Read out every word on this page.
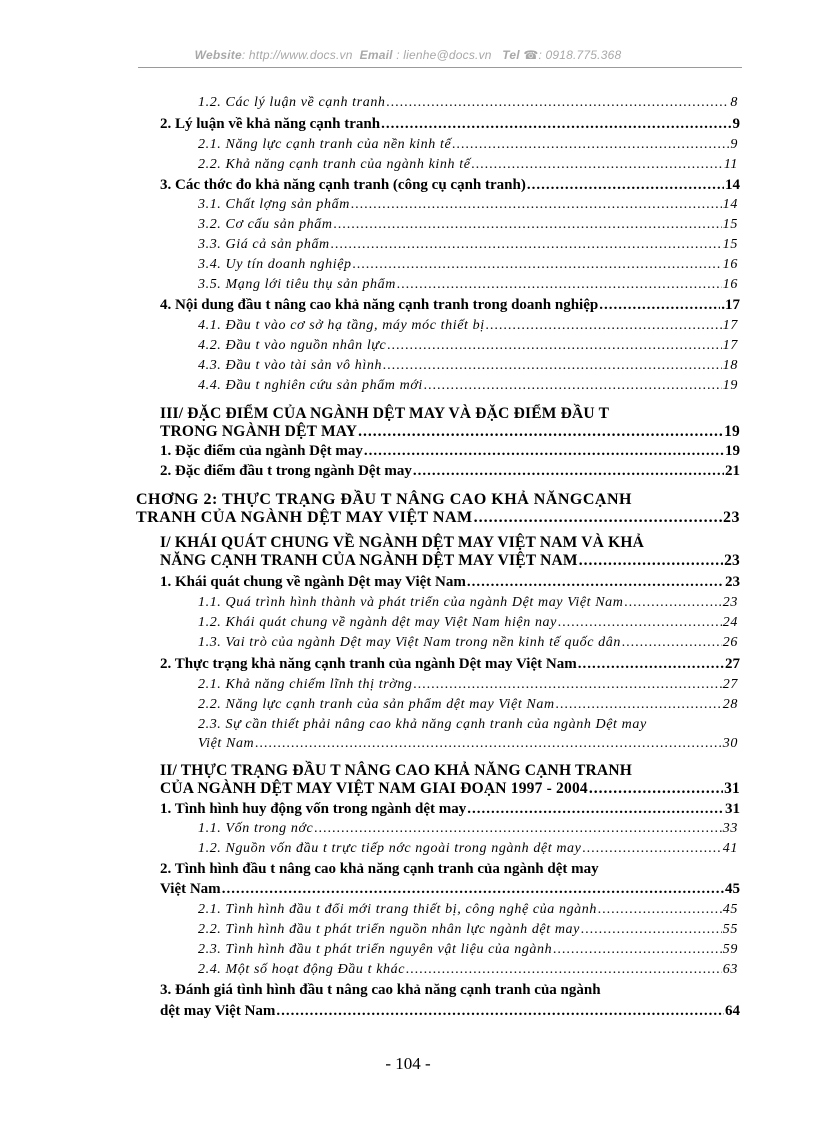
Website: http://www.docs.vn Email : lienhe@docs.vn Tel ☎: 0918.775.368
1.2. Các lý luận về cạnh tranh .....	8
2. Lý luận về khả năng cạnh tranh .....	9
2.1. Năng lực cạnh tranh của nền kinh tế .....	9
2.2. Khả năng cạnh tranh của ngành kinh tế .....	11
3. Các thớc đo khả năng cạnh tranh (công cụ cạnh tranh) .....	14
3.1. Chất lợng sản phẩm .....	14
3.2. Cơ cấu sản phẩm .....	15
3.3. Giá cả sản phẩm .....	15
3.4. Uy tín doanh nghiệp .....	16
3.5. Mạng lới tiêu thụ sản phẩm .....	16
4. Nội dung đầu t nâng cao khả năng cạnh tranh trong doanh nghiệp .....	.17
4.1. Đầu t vào cơ sở hạ tầng, máy móc thiết bị .....	17
4.2. Đầu t vào nguồn nhân lực .....	17
4.3. Đầu t vào tài sản vô hình .....	18
4.4. Đầu t nghiên cứu sản phẩm mới .....	19
III/ ĐẶC ĐIỂM CỦA NGÀNH DỆT MAY VÀ ĐẶC ĐIỂM ĐẦU T
TRONG NGÀNH DỆT MAY .....	19
1. Đặc điểm của ngành Dệt may .....	19
2. Đặc điểm đầu t trong ngành Dệt may .....	21
CHƠNG 2: THỰC TRẠNG ĐẦU T NÂNG CAO KHẢ NĂNGCẠNH
TRANH CỦA NGÀNH DỆT MAY VIỆT NAM .....	23
I/ KHÁI QUÁT CHUNG VỀ NGÀNH DỆT MAY VIỆT NAM VÀ KHẢ
NĂNG CẠNH TRANH CỦA NGÀNH DỆT MAY VIỆT NAM .....	23
1. Khái quát chung về ngành Dệt may Việt Nam .....	23
1.1. Quá trình hình thành và phát triển của ngành Dệt may Việt Nam .....	.23
1.2. Khái quát chung về ngành dệt may Việt Nam hiện nay .....	24
1.3. Vai trò của ngành Dệt may Việt Nam trong nền kinh tế quốc dân .....	26
2. Thực trạng khả năng cạnh tranh của ngành Dệt may Việt Nam .....	27
2.1. Khả năng chiếm lĩnh thị trờng .....	27
2.2. Năng lực cạnh tranh của sản phẩm dệt may Việt Nam .....	28
2.3. Sự cần thiết phải nâng cao khả năng cạnh tranh của ngành Dệt may
Việt Nam .....	30
II/ THỰC TRẠNG ĐẦU T NÂNG CAO KHẢ NĂNG CẠNH TRANH
CỦA NGÀNH DỆT MAY VIỆT NAM GIAI ĐOẠN 1997 - 2004 .....	31
1. Tình hình huy động vốn trong ngành dệt may .....	31
1.1. Vốn trong nớc .....	33
1.2. Nguồn vốn đầu t trực tiếp nớc ngoài trong ngành dệt may .....	41
2. Tình hình đầu t nâng cao khả năng cạnh tranh của ngành dệt may
Việt Nam .....	45
2.1. Tình hình đầu t đổi mới trang thiết bị, công nghệ của ngành .....	45
2.2. Tình hình đầu t phát triển nguồn nhân lực ngành dệt may .....	55
2.3. Tình hình đầu t phát triển nguyên vật liệu của ngành .....	59
2.4. Một số hoạt động Đầu t khác .....	63
3. Đánh giá tình hình đầu t nâng cao khả năng cạnh tranh của ngành
dệt may Việt Nam .....	64
- 104 -
